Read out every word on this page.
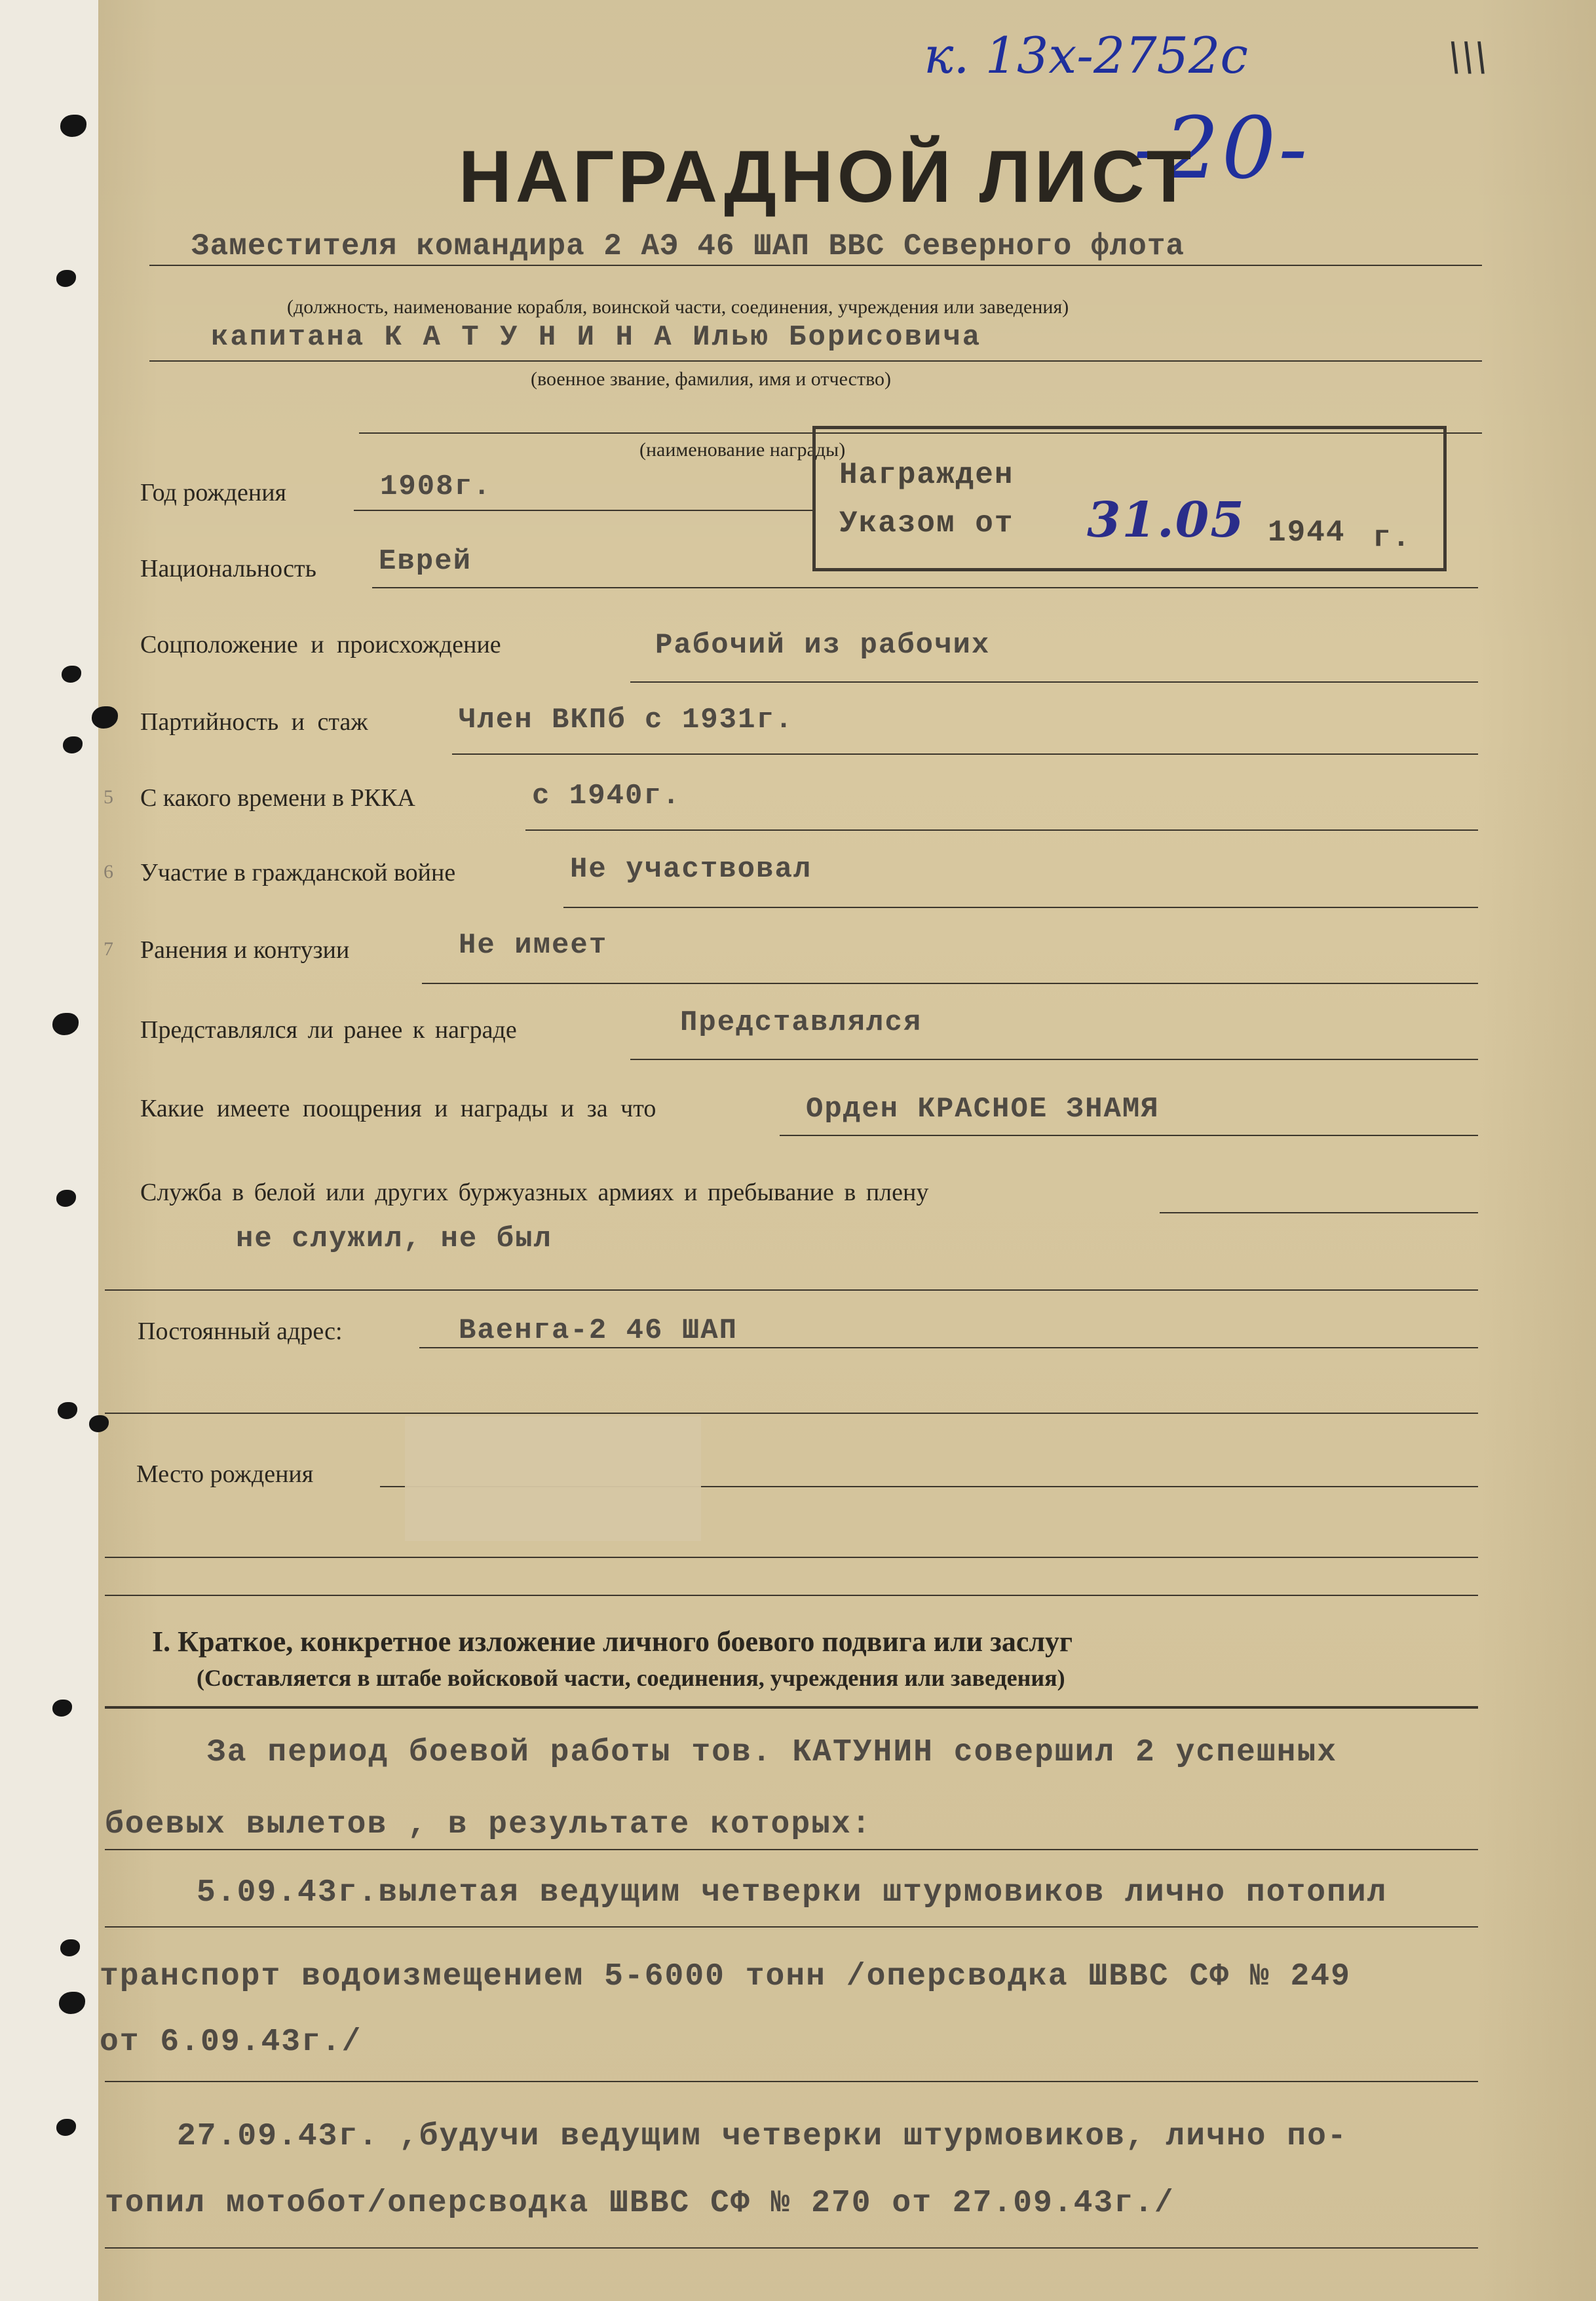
к. 13х-2752с
-20-
\\\
НАГРАДНОЙ ЛИСТ
Заместителя командира 2 АЭ 46 ШАП ВВС Северного флота
(должность, наименование корабля, воинской части, соединения, учреждения или заведения)
капитана К А Т У Н И Н А Илью Борисовича
(военное звание, фамилия, имя и отчество)
(наименование награды)
Награжден
Указом от 31.05 1944 г.
5
6
7
Год рождения	1908г.
Национальность Еврей
Соцположение и происхождение	Рабочий из рабочих
Партийность и стаж	Член ВКПб с 1931г.
С какого времени в РККА	с 1940г.
Участие в гражданской войне	Не участвовал
Ранения и контузии	Не имеет
Представлялся ли ранее к награде	Представлялся
Какие имеете поощрения и награды и за что	Орден КРАСНОЕ ЗНАМЯ
Служба в белой или других буржуазных армиях и пребывание в плену
не служил, не был
Постоянный адрес:	Ваенга-2 46 ШАП
Место рождения
I. Краткое, конкретное изложение личного боевого подвига или заслуг
(Составляется в штабе войсковой части, соединения, учреждения или заведения)
За период боевой работы тов. КАТУНИН совершил 2 успешных
боевых вылетов , в результате которых:
5.09.43г.вылетая ведущим четверки штурмовиков лично потопил
транспорт водоизмещением 5-6000 тонн /оперсводка ШВВС СФ № 249
от 6.09.43г./
27.09.43г. ,будучи ведущим четверки штурмовиков, лично по-
топил мотобот/оперсводка ШВВС СФ № 270 от 27.09.43г./
